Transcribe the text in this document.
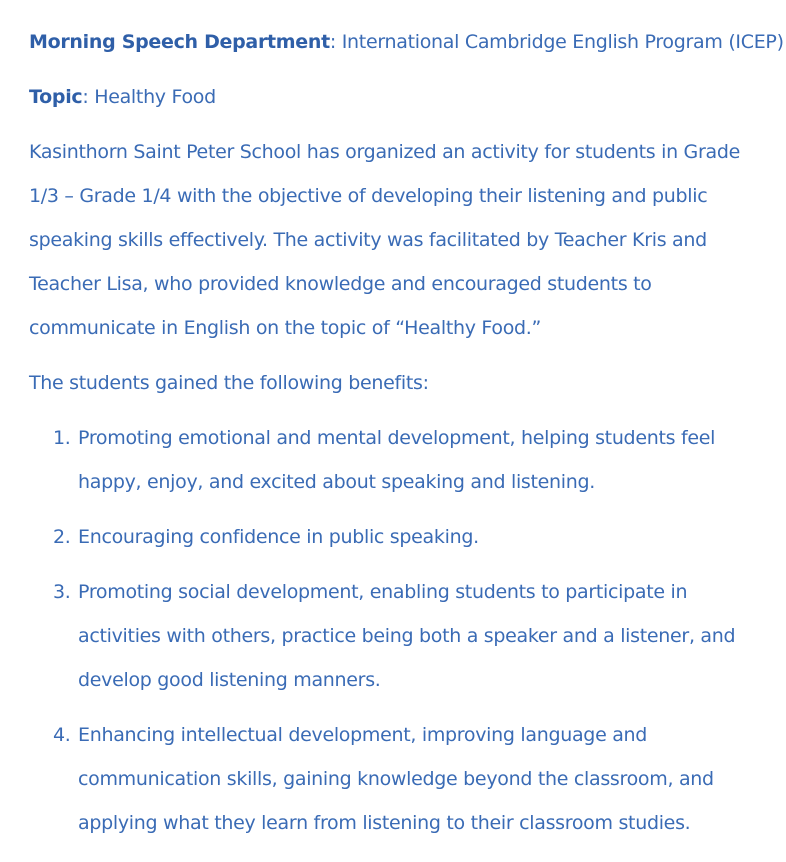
Morning Speech Department: International Cambridge English Program (ICEP)

Topic: Healthy Food

Kasinthorn Saint Peter School has organized an activity for students in Grade
1/3 – Grade 1/4 with the objective of developing their listening and public
speaking skills effectively. The activity was facilitated by Teacher Kris and
Teacher Lisa, who provided knowledge and encouraged students to
communicate in English on the topic of “Healthy Food.”

The students gained the following benefits:

1. Promoting emotional and mental development, helping students feel
happy, enjoy, and excited about speaking and listening.
2. Encouraging confidence in public speaking.
3. Promoting social development, enabling students to participate in
activities with others, practice being both a speaker and a listener, and
develop good listening manners.
4. Enhancing intellectual development, improving language and
communication skills, gaining knowledge beyond the classroom, and
applying what they learn from listening to their classroom studies.
